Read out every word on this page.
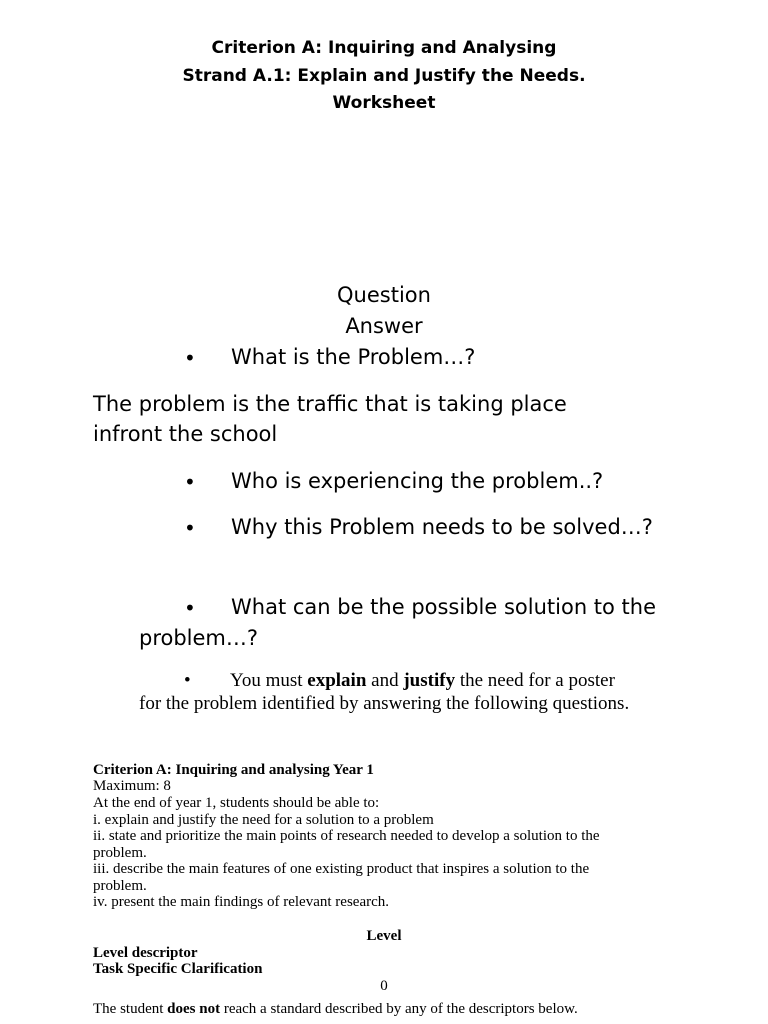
Criterion A: Inquiring and Analysing
Strand A.1: Explain and Justify the Needs.
Worksheet
Question
Answer
• What is the Problem…?
The problem is the traffic that is taking place
infront the school
• Who is experiencing the problem..?
• Why this Problem needs to be solved…?
• What can be the possible solution to the
problem…?
• You must explain and justify the need for a poster
for the problem identified by answering the following questions.
Criterion A: Inquiring and analysing Year 1
Maximum: 8
At the end of year 1, students should be able to:
i. explain and justify the need for a solution to a problem
ii. state and prioritize the main points of research needed to develop a solution to the
problem.
iii. describe the main features of one existing product that inspires a solution to the
problem.
iv. present the main findings of relevant research.
Level
Level descriptor
Task Specific Clarification
0
The student does not reach a standard described by any of the descriptors below.
